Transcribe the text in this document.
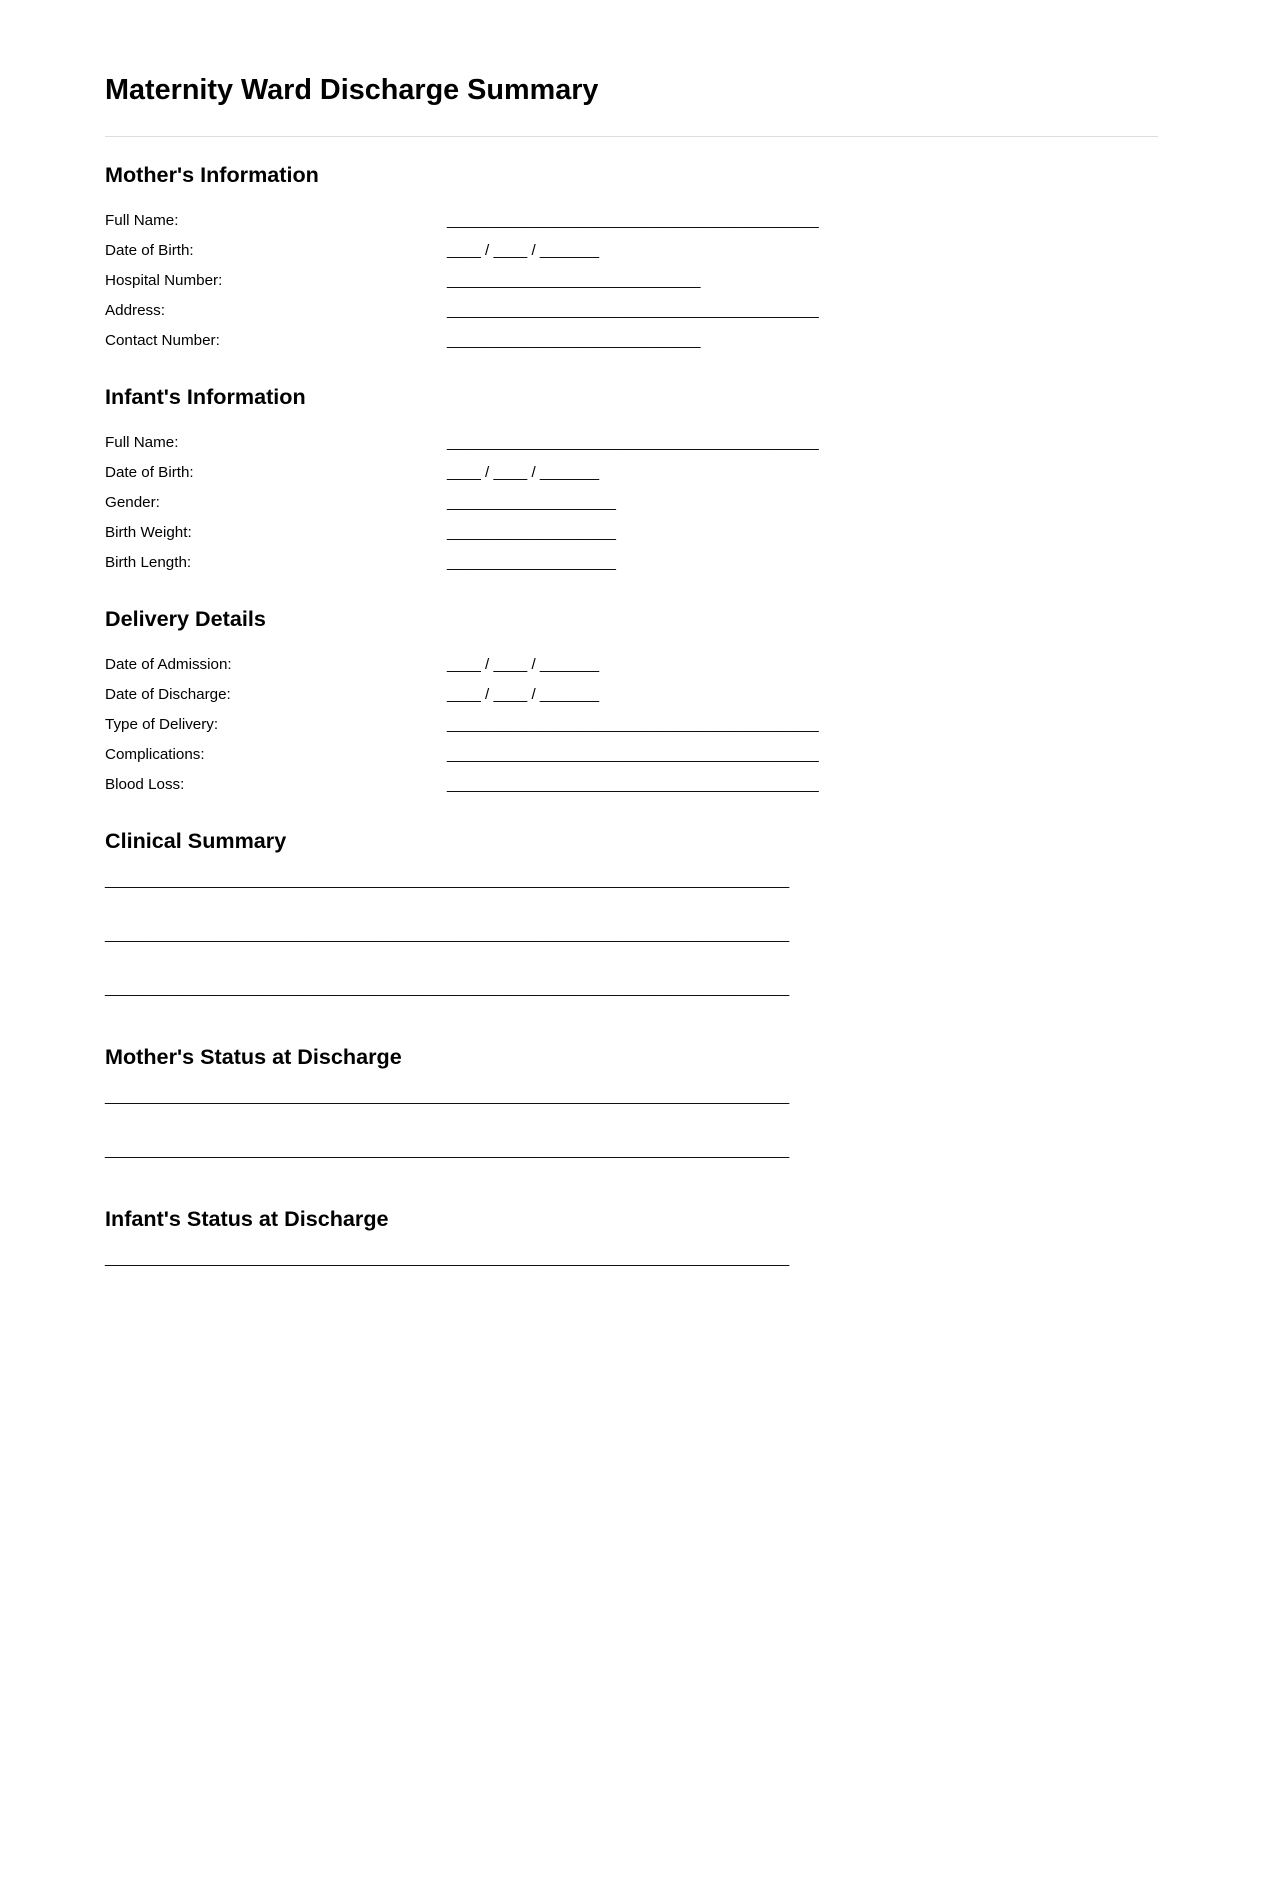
Maternity Ward Discharge Summary
Mother's Information
Full Name:	____________________________________________
Date of Birth:	____ / ____ / _______
Hospital Number:	______________________________
Address:	____________________________________________
Contact Number:	______________________________
Infant's Information
Full Name:	____________________________________________
Date of Birth:	____ / ____ / _______
Gender:	____________________
Birth Weight:	____________________
Birth Length:	____________________
Delivery Details
Date of Admission:	____ / ____ / _______
Date of Discharge:	____ / ____ / _______
Type of Delivery:	____________________________________________
Complications:	____________________________________________
Blood Loss:	____________________________________________
Clinical Summary
_________________________________________________________________________________
_________________________________________________________________________________
_________________________________________________________________________________
Mother's Status at Discharge
_________________________________________________________________________________
_________________________________________________________________________________
Infant's Status at Discharge
_________________________________________________________________________________
